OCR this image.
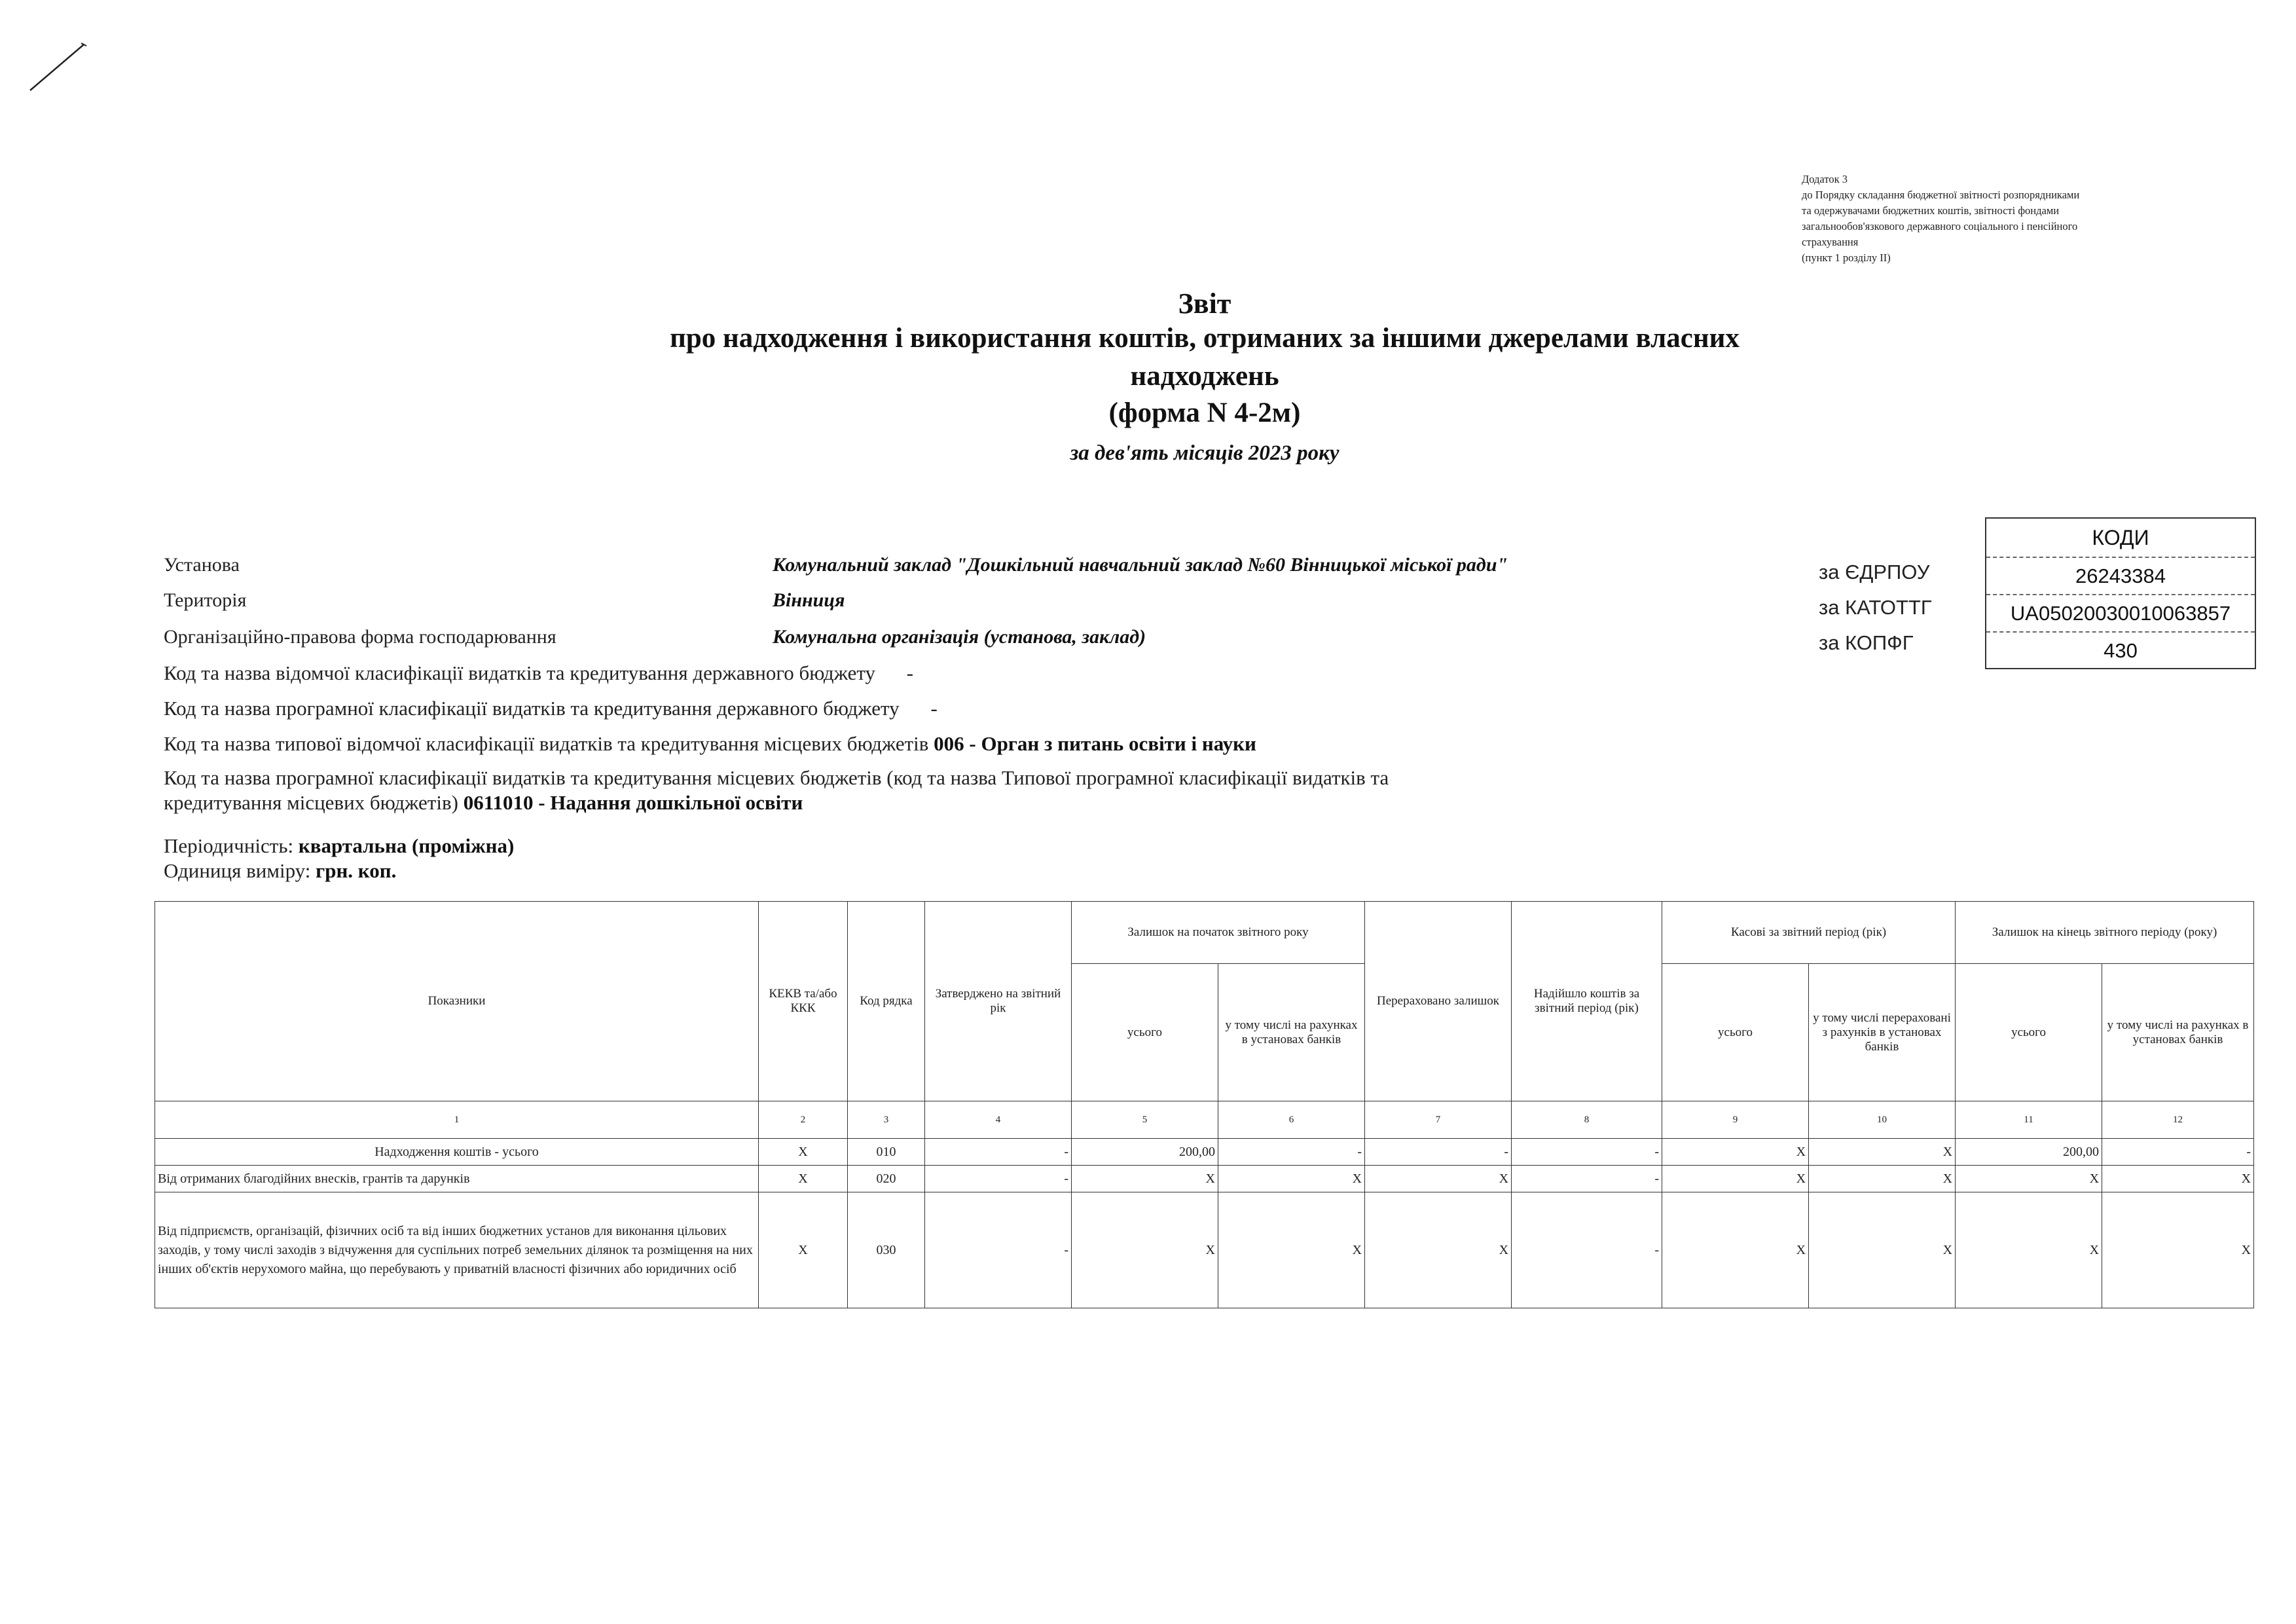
Додаток 3
до Порядку складання бюджетної звітності розпорядниками
та одержувачами бюджетних коштів, звітності фондами
загальнообов'язкового державного соціального і пенсійного
страхування
(пункт 1 розділу II)
Звіт
про надходження і використання коштів, отриманих за іншими джерелами власних
надходжень
(форма N 4-2м)
за дев'ять місяців 2023 року
Установа	Комунальний заклад "Дошкільний навчальний заклад №60 Вінницької міської ради"
Територія	Вінниця
Організаційно-правова форма господарювання	Комунальна організація (установа, заклад)
Код та назва відомчої класифікації видатків та кредитування державного бюджету -
Код та назва програмної класифікації видатків та кредитування державного бюджету -
Код та назва типової відомчої класифікації видатків та кредитування місцевих бюджетів 006 - Орган з питань освіти і науки
Код та назва програмної класифікації видатків та кредитування місцевих бюджетів (код та назва Типової програмної класифікації видатків та
кредитування місцевих бюджетів) 0611010 - Надання дошкільної освіти
Періодичність: квартальна (проміжна)
Одиниця виміру: грн. коп.
за ЄДРПОУ
за КАТОТТГ
за КОПФГ
КОДИ
26243384
UA05020030010063857
430
Показники	КЕКВ та/або ККК	Код рядка	Затверджено на звітний рік	Залишок на початок звітного року		Перераховано залишок	Надійшло коштів за звітний період (рік)	Касові за звітний період (рік)		Залишок на кінець звітного періоду (року)	
				усього	у тому числі на рахунках в установах банків			усього	у тому числі перераховані з рахунків в установах банків	усього	у тому числі на рахунках в установах банків
1	2	3	4	5	6	7	8	9	10	11	12
Надходження коштів - усього	X	010	-	200,00	-	-	-	X	X	200,00	-
Від отриманих благодійних внесків, грантів та дарунків	X	020	-	X	X	X	-	X	X	X	X
Від підприємств, організацій, фізичних осіб та від інших бюджетних установ для виконання цільових заходів, у тому числі заходів з відчуження для суспільних потреб земельних ділянок та розміщення на них інших об'єктів нерухомого майна, що перебувають у приватній власності фізичних або юридичних осіб	X	030	-	X	X	X	-	X	X	X	X
